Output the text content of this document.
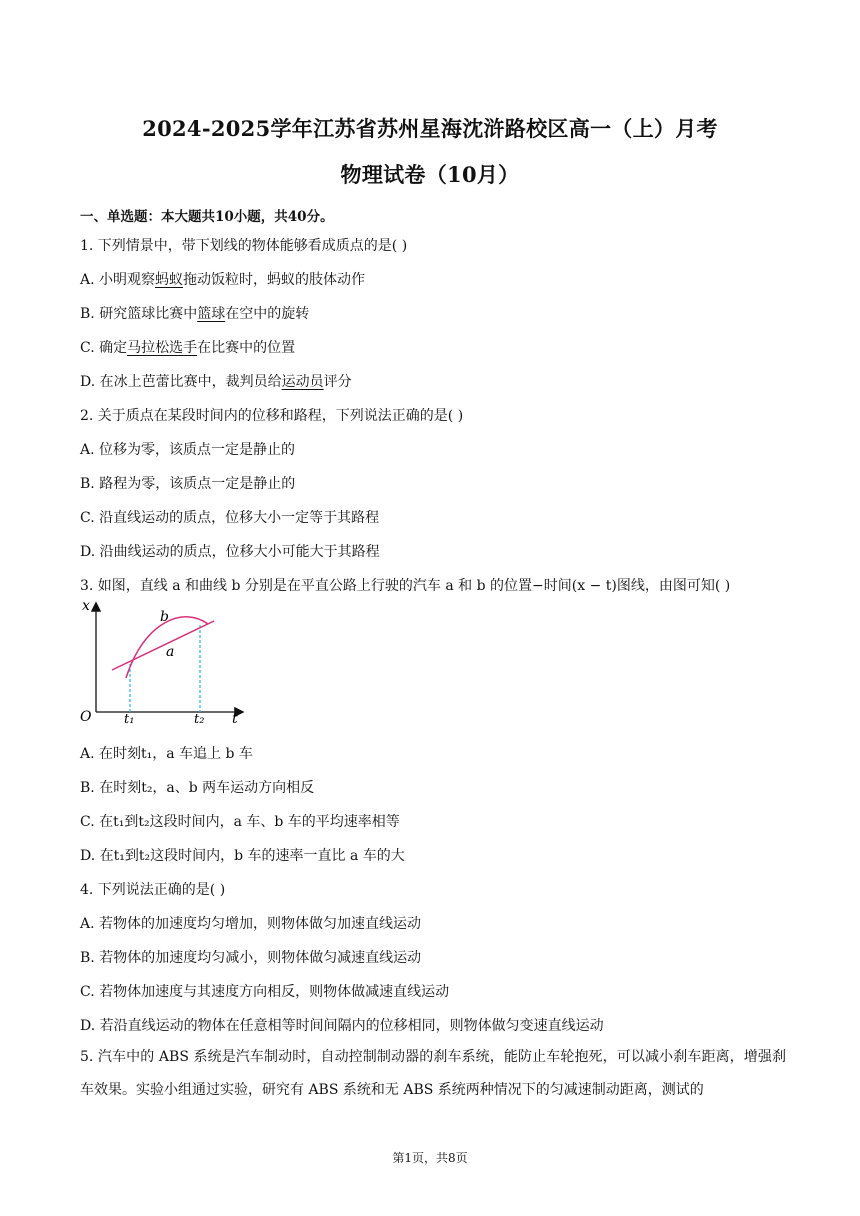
2024-2025学年江苏省苏州星海沈浒路校区高一（上）月考
物理试卷（10月）
一、单选题：本大题共10小题，共40分。
1. 下列情景中，带下划线的物体能够看成质点的是( )
A. 小明观察蚂蚁拖动饭粒时，蚂蚁的肢体动作
B. 研究篮球比赛中篮球在空中的旋转
C. 确定马拉松选手在比赛中的位置
D. 在冰上芭蕾比赛中，裁判员给运动员评分
2. 关于质点在某段时间内的位移和路程，下列说法正确的是( )
A. 位移为零，该质点一定是静止的
B. 路程为零，该质点一定是静止的
C. 沿直线运动的质点，位移大小一定等于其路程
D. 沿曲线运动的质点，位移大小可能大于其路程
3. 如图，直线 a 和曲线 b 分别是在平直公路上行驶的汽车 a 和 b 的位置−时间(x − t)图线，由图可知( )
x
t
O	t₁	t₂
b
a
A. 在时刻t₁，a 车追上 b 车
B. 在时刻t₂，a、b 两车运动方向相反
C. 在t₁到t₂这段时间内，a 车、b 车的平均速率相等
D. 在t₁到t₂这段时间内，b 车的速率一直比 a 车的大
4. 下列说法正确的是( )
A. 若物体的加速度均匀增加，则物体做匀加速直线运动
B. 若物体的加速度均匀减小，则物体做匀减速直线运动
C. 若物体加速度与其速度方向相反，则物体做减速直线运动
D. 若沿直线运动的物体在任意相等时间间隔内的位移相同，则物体做匀变速直线运动
5. 汽车中的 ABS 系统是汽车制动时，自动控制制动器的刹车系统，能防止车轮抱死，可以减小刹车距离，增强刹车效果。实验小组通过实验，研究有 ABS 系统和无 ABS 系统两种情况下的匀减速制动距离，测试的
第1页，共8页
